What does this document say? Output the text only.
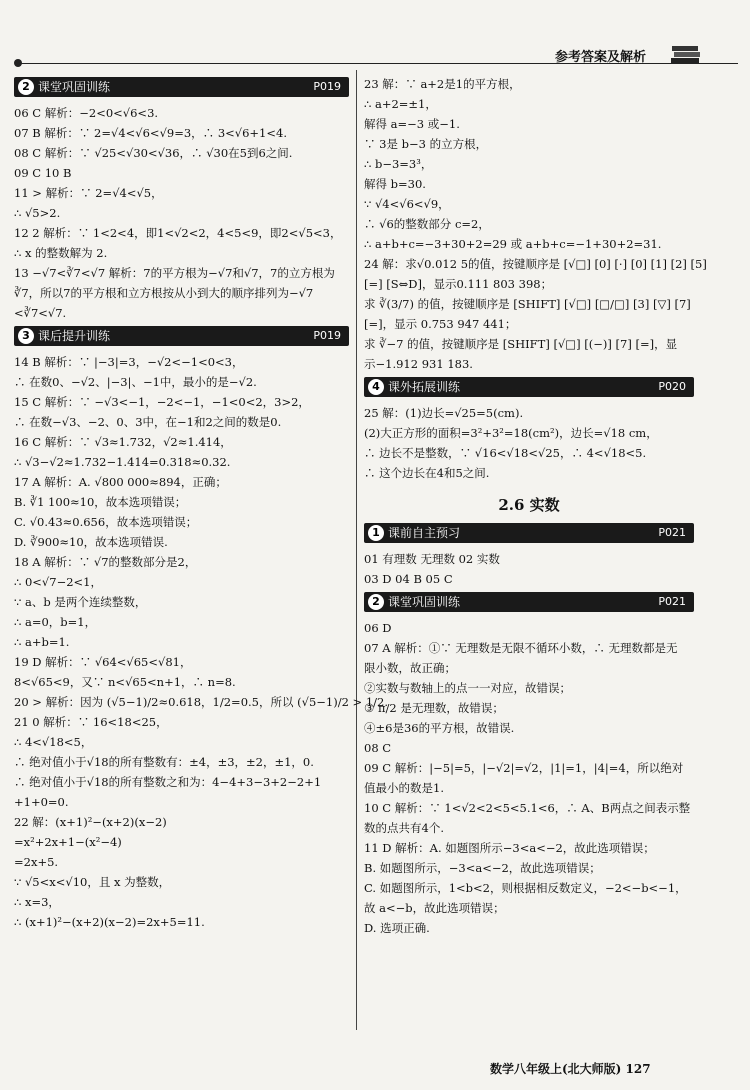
参考答案及解析
2 课堂巩固训练	P019
06 C 解析：−2<0<√6<3.
07 B 解析：∵ 2=√4<√6<√9=3，∴ 3<√6+1<4.
08 C 解析：∵ √25<√30<√36，∴ √30在5到6之间.
09 C 10 B
11 > 解析：∵ 2=√4<√5，
∴ √5>2.
12 2 解析：∵ 1<2<4，即1<√2<2，4<5<9，即2<√5<3，
∴ x 的整数解为 2.
13 −√7<∛7<√7 解析：7的平方根为−√7和√7，7的立方根为
∛7，所以7的平方根和立方根按从小到大的顺序排列为−√7
<∛7<√7.
3 课后提升训练	P019
14 B 解析：∵ |−3|=3，−√2<−1<0<3，
∴ 在数0、−√2、|−3|、−1中，最小的是−√2.
15 C 解析：∵ −√3<−1，−2<−1，−1<0<2，3>2，
∴ 在数−√3、−2、0、3中，在−1和2之间的数是0.
16 C 解析：∵ √3≈1.732，√2≈1.414，
∴ √3−√2≈1.732−1.414=0.318≈0.32.
17 A 解析：A. √800 000≈894，正确；
B. ∛1 100≈10，故本选项错误；
C. √0.43≈0.656，故本选项错误；
D. ∛900≈10，故本选项错误.
18 A 解析：∵ √7的整数部分是2，
∴ 0<√7−2<1，
∵ a、b 是两个连续整数，
∴ a=0，b=1，
∴ a+b=1.
19 D 解析：∵ √64<√65<√81，
8<√65<9，又∵ n<√65<n+1，∴ n=8.
20 > 解析：因为 (√5−1)/2≈0.618，1/2=0.5，所以 (√5−1)/2 > 1/2.
21 0 解析：∵ 16<18<25，
∴ 4<√18<5，
∴ 绝对值小于√18的所有整数有：±4，±3，±2，±1，0.
∴ 绝对值小于√18的所有整数之和为：4−4+3−3+2−2+1
+1+0=0.
22 解：(x+1)²−(x+2)(x−2)
=x²+2x+1−(x²−4)
=2x+5.
∵ √5<x<√10，且 x 为整数，
∴ x=3，
∴ (x+1)²−(x+2)(x−2)=2x+5=11.
23 解：∵ a+2是1的平方根，
∴ a+2=±1，
解得 a=−3 或−1.
∵ 3是 b−3 的立方根，
∴ b−3=3³，
解得 b=30.
∵ √4<√6<√9，
∴ √6的整数部分 c=2，
∴ a+b+c=−3+30+2=29 或 a+b+c=−1+30+2=31.
24 解：求√0.012 5的值，按键顺序是 [√□] [0] [·] [0] [1] [2] [5]
[=] [S⇔D]，显示0.111 803 398；
求 ∛(3/7) 的值，按键顺序是 [SHIFT] [√□] [□/□] [3] [▽] [7]
[=]，显示 0.753 947 441；
求 ∛−7 的值，按键顺序是 [SHIFT] [√□] [(−)] [7] [=]，显
示−1.912 931 183.
4 课外拓展训练	P020
25 解：(1)边长=√25=5(cm).
(2)大正方形的面积=3²+3²=18(cm²)，边长=√18 cm，
∴ 边长不是整数，∵ √16<√18<√25，∴ 4<√18<5.
∴ 这个边长在4和5之间.
2.6 实数
1 课前自主预习	P021
01 有理数 无理数 02 实数
03 D 04 B 05 C
2 课堂巩固训练	P021
06 D
07 A 解析：①∵ 无理数是无限不循环小数，∴ 无理数都是无
限小数，故正确；
②实数与数轴上的点一一对应，故错误；
③ π/2 是无理数，故错误；
④±6是36的平方根，故错误.
08 C
09 C 解析：|−5|=5，|−√2|=√2，|1|=1，|4|=4，所以绝对
值最小的数是1.
10 C 解析：∵ 1<√2<2<5<5.1<6，∴ A、B两点之间表示整
数的点共有4个.
11 D 解析：A. 如题图所示−3<a<−2，故此选项错误；
B. 如题图所示，−3<a<−2，故此选项错误；
C. 如题图所示，1<b<2，则根据相反数定义，−2<−b<−1，
故 a<−b，故此选项错误；
D. 选项正确.
数学八年级上(北大师版) 127
